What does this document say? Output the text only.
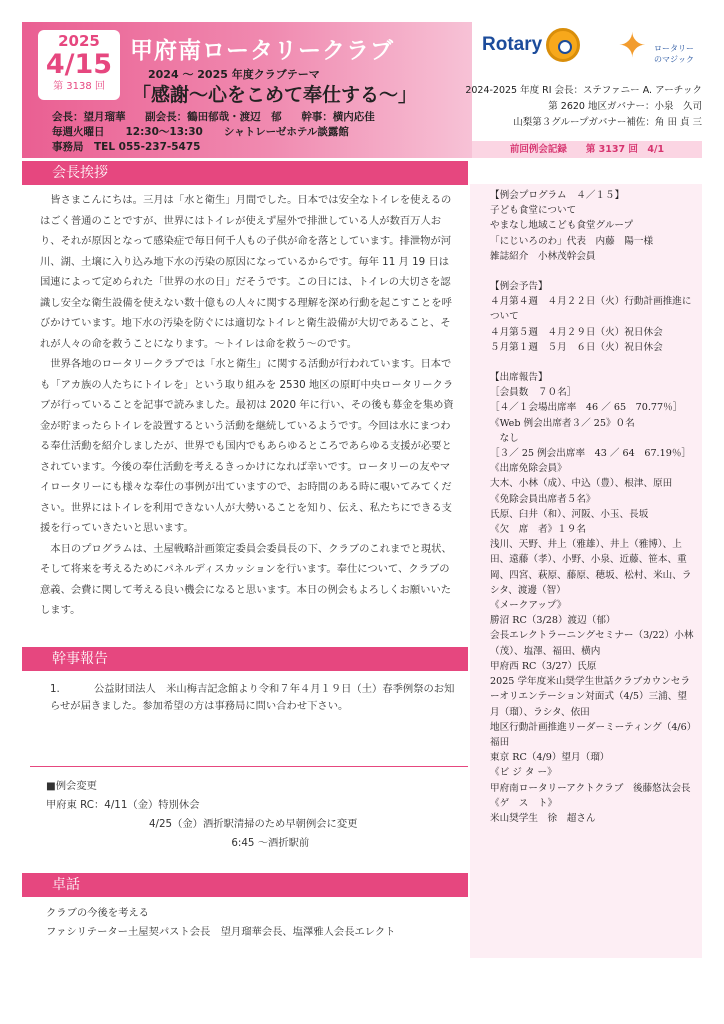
2025
4/15
第 3138 回
甲府南ロータリークラブ
2024 ～ 2025 年度クラブテーマ
「感謝～心をこめて奉仕する～」
会長：望月瑠華 副会長：鶴田郁哉・渡辺　郁 幹事：横内応佳
毎週火曜日　　12:30～13:30　　シャトレーゼホテル談露館
事務局　TEL 055-237-5475
Rotary ✦ ロータリーのマジック
2024-2025 年度 RI 会長：ステファニー A. アーチック
第 2620 地区ガバナー：小泉　久司
山梨第３グループガバナー補佐：角 田 貞 三
前回例会記録　　第 3137 回　4/1
会長挨拶

皆さまこんにちは。三月は「水と衛生」月間でした。日本では安全なトイレを使えるのはごく普通のことですが、世界にはトイレが使えず屋外で排泄している人が数百万人おり、それが原因となって感染症で毎日何千人もの子供が命を落としています。排泄物が河川、湖、土壌に入り込み地下水の汚染の原因になっているからです。毎年 11 月 19 日は国連によって定められた「世界の水の日」だそうです。この日には、トイレの大切さを認識し安全な衛生設備を使えない数十億もの人々に関する理解を深め行動を起こすことを呼びかけています。地下水の汚染を防ぐには適切なトイレと衛生設備が大切であること、それが人々の命を救うことになります。～トイレは命を救う～のです。

世界各地のロータリークラブでは「水と衛生」に関する活動が行われています。日本でも「アカ族の人たちにトイレを」という取り組みを 2530 地区の原町中央ロータリークラブが行っていることを記事で読みました。最初は 2020 年に行い、その後も募金を集め資金が貯まったらトイレを設置するという活動を継続しているようです。今回は水にまつわる奉仕活動を紹介しましたが、世界でも国内でもあらゆるところであらゆる支援が必要とされています。今後の奉仕活動を考えるきっかけになれば幸いです。ロータリーの友やマイロータリーにも様々な奉仕の事例が出ていますので、お時間のある時に覗いてみてください。世界にはトイレを利用できない人が大勢いることを知り、伝え、私たちにできる支援を行っていきたいと思います。

本日のプログラムは、土屋戦略計画策定委員会委員長の下、クラブのこれまでと現状、そして将来を考えるためにパネルディスカッションを行います。奉仕について、クラブの意義、会費に関して考える良い機会になると思います。本日の例会もよろしくお願いいたします。

幹事報告
1.	公益財団法人　米山梅吉記念館より令和７年４月１９日（土）春季例祭のお知らせが届きました。参加希望の方は事務局に問い合わせ下さい。
■例会変更
甲府東 RC：4/11（金）特別休会
　　　　　　　　　　4/25（金）酒折駅清掃のため早朝例会に変更
　　　　　　　　　　　　　　　　　　6:45 ～酒折駅前
卓話
クラブの今後を考える
ファシリテーター土屋契パスト会長　望月瑠華会長、塩澤雅人会長エレクト
【例会プログラム　４／１５】
子ども食堂について
やまなし地域こども食堂グループ
「にじいろのわ」代表　内藤　陽一様
雑誌紹介　小林茂幹会員
【例会予告】
４月第４週　４月２２日（火）行動計画推進について
４月第５週　４月２９日（火）祝日休会
５月第１週　５月　６日（火）祝日休会
【出席報告】
［会員数　７０名］
［４／１会場出席率　46 ／ 65　70.77％］
《Web 例会出席者３／ 25》０名
　なし
［３／ 25 例会出席率　43 ／ 64　67.19％］
《出席免除会員》
大木、小林（成）、中込（豊）、根津、原田
《免除会員出席者５名》
氏原、臼井（和）、河阪、小玉、長坂
《欠　席　者》１９名
浅川、天野、井上（雅雄）、井上（雅博）、上田、遠藤（孝）、小野、小泉、近藤、笹本、重岡、四宮、萩原、藤原、穂坂、松村、米山、ラシタ、渡邊（智）
《メークアップ》
勝沼 RC（3/28）渡辺（郁）
会長エレクトラーニングセミナー（3/22）小林（茂）、塩澤、福田、横内
甲府西 RC（3/27）氏原
2025 学年度米山奨学生世話クラブカウンセラーオリエンテーション対面式（4/5）三浦、望月（瑠）、ラシタ、依田
地区行動計画推進リーダーミーティング（4/6）福田
東京 RC（4/9）望月（瑠）
《ビ ジ タ ー》
甲府南ロータリーアクトクラブ　後藤悠汰会長
《ゲ　ス　ト》
米山奨学生　徐　超さん
